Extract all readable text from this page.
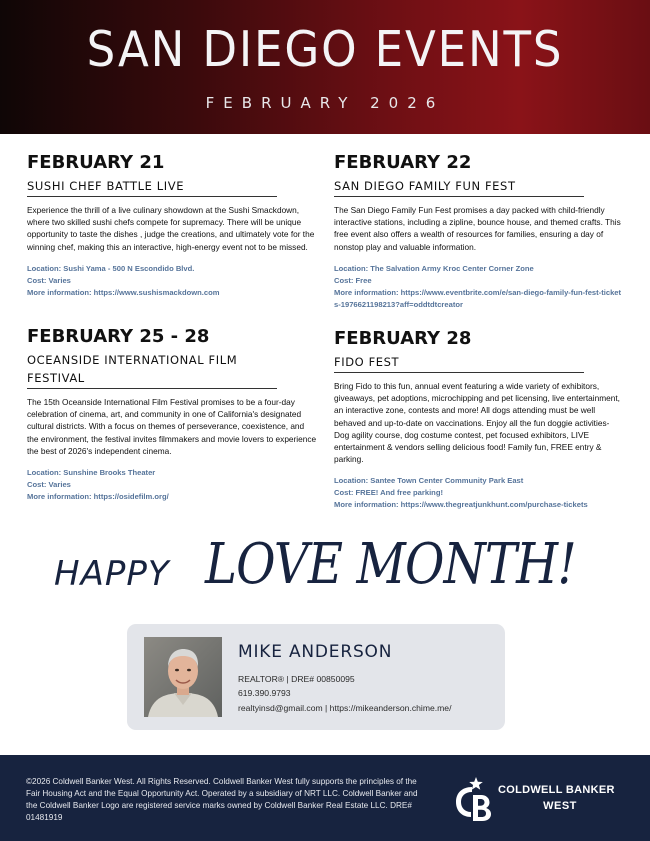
SAN DIEGO EVENTS
FEBRUARY 2026
FEBRUARY 21
SUSHI CHEF BATTLE LIVE
Experience the thrill of a live culinary showdown at the Sushi Smackdown, where two skilled sushi chefs compete for supremacy. There will be unique opportunity to taste the dishes , judge the creations, and ultimately vote for the winning chef, making this an interactive, high-energy event not to be missed.
Location: Sushi Yama - 500 N Escondido Blvd.
Cost: Varies
More information: https://www.sushismackdown.com
FEBRUARY 22
SAN DIEGO FAMILY FUN FEST
The San Diego Family Fun Fest promises a day packed with child-friendly interactive stations, including a zipline, bounce house, and themed crafts. This free event also offers a wealth of resources for families, ensuring a day of nonstop play and valuable information.
Location: The Salvation Army Kroc Center Corner Zone
Cost: Free
More information: https://www.eventbrite.com/e/san-diego-family-fun-fest-tickets-1976621198213?aff=oddtdtcreator
FEBRUARY 25 - 28
OCEANSIDE INTERNATIONAL FILM FESTIVAL
The 15th Oceanside International Film Festival promises to be a four-day celebration of cinema, art, and community in one of California's designated cultural districts. With a focus on themes of perseverance, coexistence, and the environment, the festival invites filmmakers and movie lovers to experience the best of 2026's independent cinema.
Location: Sunshine Brooks Theater
Cost: Varies
More information: https://osidefilm.org/
FEBRUARY 28
FIDO FEST
Bring Fido to this fun, annual event featuring a wide variety of exhibitors, giveaways, pet adoptions, microchipping and pet licensing, live entertainment, an interactive zone, contests and more! All dogs attending must be well behaved and up-to-date on vaccinations. Enjoy all the fun doggie activities-Dog agility course, dog costume contest, pet focused exhibitors, LIVE entertainment & vendors selling delicious food! Family fun, FREE entry & parking.
Location: Santee Town Center Community Park East
Cost: FREE! And free parking!
More information: https://www.thegreatjunkhunt.com/purchase-tickets
HAPPY LOVE MONTH!
MIKE ANDERSON
REALTOR® | DRE# 00850095
619.390.9793
realtyinsd@gmail.com | https://mikeanderson.chime.me/
©2026 Coldwell Banker West. All Rights Reserved. Coldwell Banker West fully supports the principles of the Fair Housing Act and the Equal Opportunity Act. Operated by a subsidiary of NRT LLC. Coldwell Banker and the Coldwell Banker Logo are registered service marks owned by Coldwell Banker Real Estate LLC. DRE# 01481919
COLDWELL BANKER
WEST
